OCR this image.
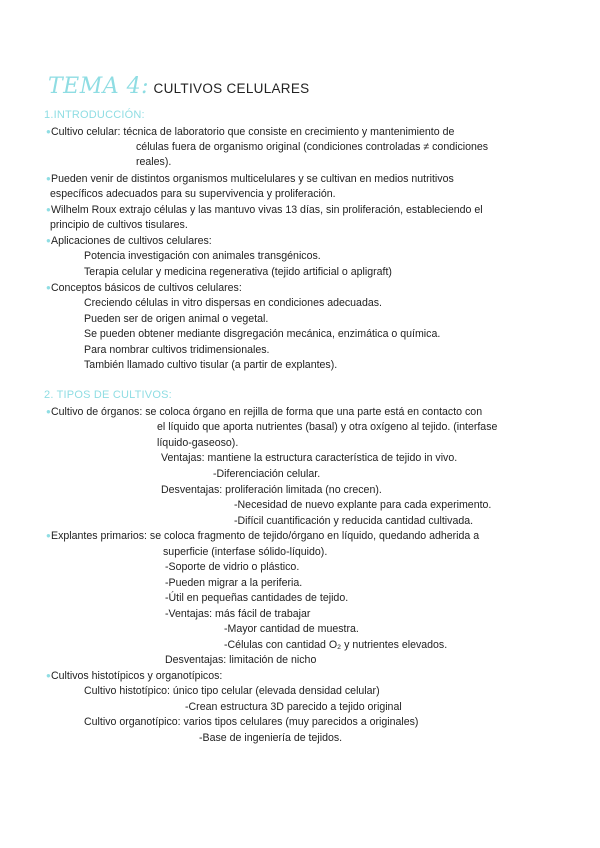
TEMA 4: CULTIVOS CELULARES
1.INTRODUCCIÓN:
●Cultivo celular: técnica de laboratorio que consiste en crecimiento y mantenimiento de
células fuera de organismo original (condiciones controladas ≠ condiciones
reales).
●Pueden venir de distintos organismos multicelulares y se cultivan en medios nutritivos
específicos adecuados para su supervivencia y proliferación.
●Wilhelm Roux extrajo células y las mantuvo vivas 13 días, sin proliferación, estableciendo el
principio de cultivos tisulares.
●Aplicaciones de cultivos celulares:
Potencia investigación con animales transgénicos.
Terapia celular y medicina regenerativa (tejido artificial o apligraft)
●Conceptos básicos de cultivos celulares:
Creciendo células in vitro dispersas en condiciones adecuadas.
Pueden ser de origen animal o vegetal.
Se pueden obtener mediante disgregación mecánica, enzimática o química.
Para nombrar cultivos tridimensionales.
También llamado cultivo tisular (a partir de explantes).
2. TIPOS DE CULTIVOS:
●Cultivo de órganos: se coloca órgano en rejilla de forma que una parte está en contacto con
el líquido que aporta nutrientes (basal) y otra oxígeno al tejido. (interfase
líquido-gaseoso).
Ventajas: mantiene la estructura característica de tejido in vivo.
-Diferenciación celular.
Desventajas: proliferación limitada (no crecen).
-Necesidad de nuevo explante para cada experimento.
-Difícil cuantificación y reducida cantidad cultivada.
●Explantes primarios: se coloca fragmento de tejido/órgano en líquido, quedando adherida a
superficie (interfase sólido-líquido).
-Soporte de vidrio o plástico.
-Pueden migrar a la periferia.
-Útil en pequeñas cantidades de tejido.
-Ventajas: más fácil de trabajar
-Mayor cantidad de muestra.
-Células con cantidad O₂ y nutrientes elevados.
Desventajas: limitación de nicho
●Cultivos histotípicos y organotípicos:
Cultivo histotípico: único tipo celular (elevada densidad celular)
-Crean estructura 3D parecido a tejido original
Cultivo organotípico: varios tipos celulares (muy parecidos a originales)
-Base de ingeniería de tejidos.
